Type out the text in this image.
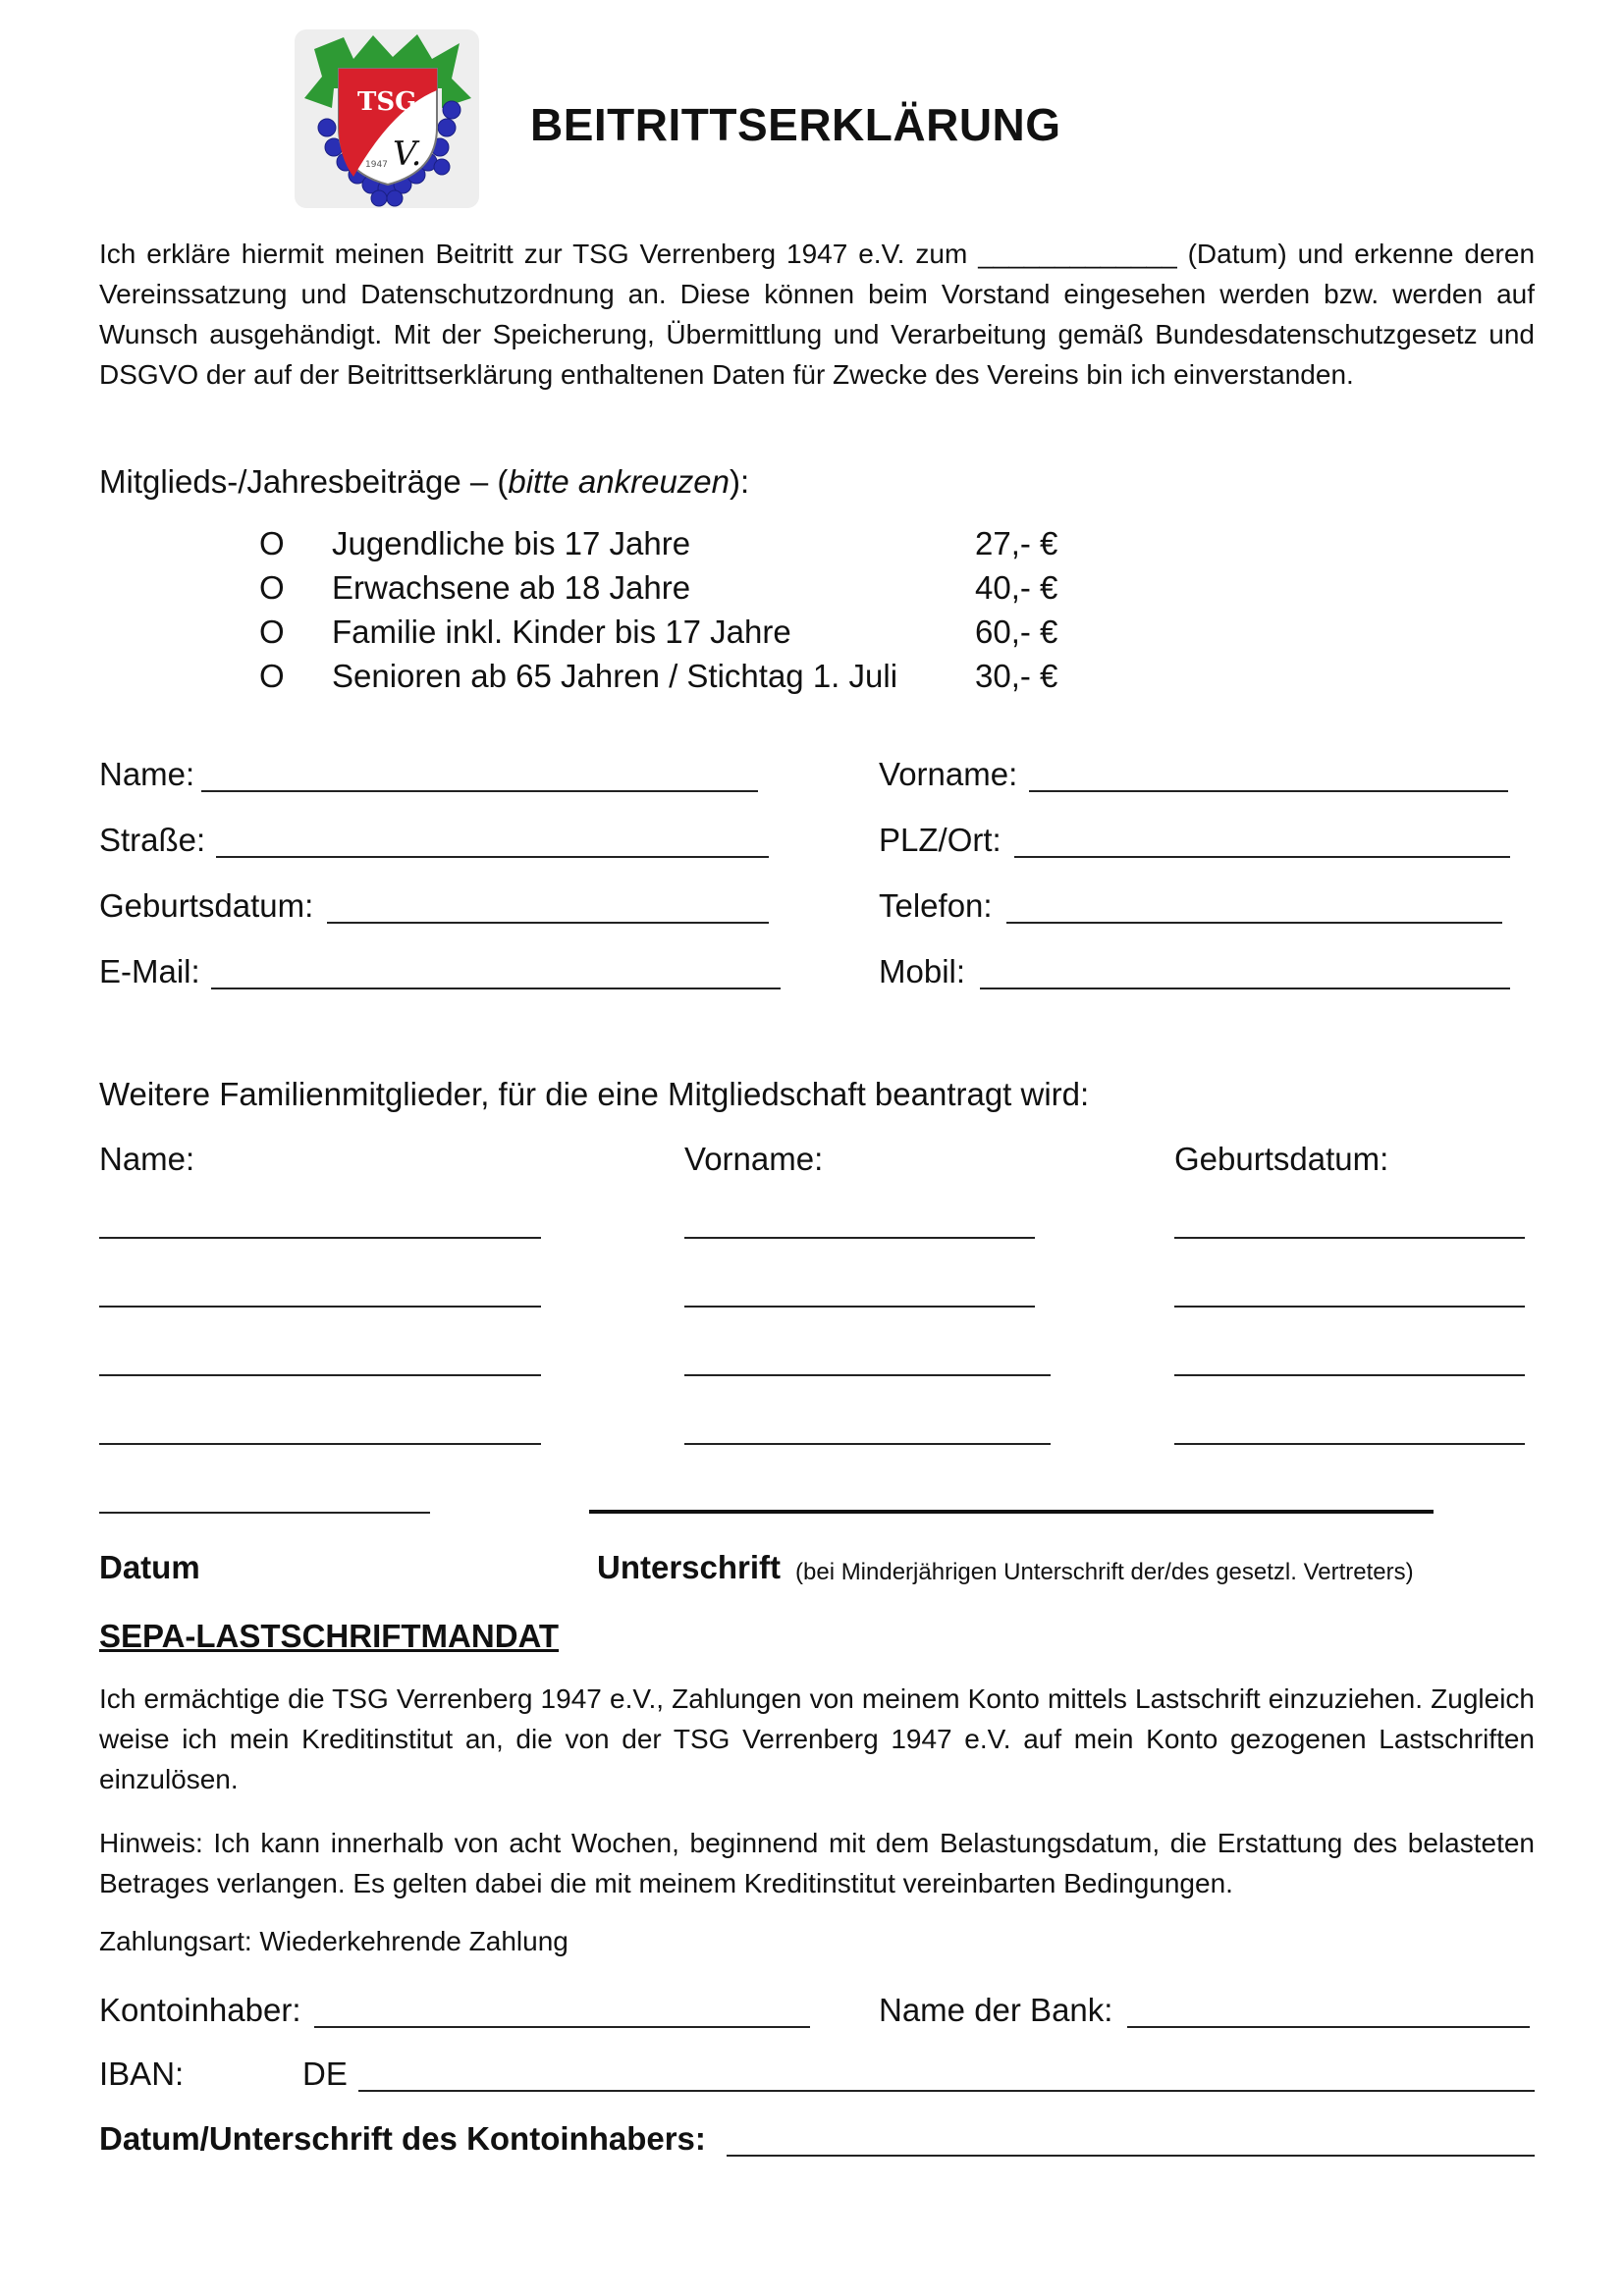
TSG
V.
1947
BEITRITTSERKLÄRUNG
Ich erkläre hiermit meinen Beitritt zur TSG Verrenberg 1947 e.V. zum _____________ (Datum) und erkenne deren Vereinssatzung und Datenschutzordnung an. Diese können beim Vorstand eingesehen werden bzw. werden auf Wunsch ausgehändigt. Mit der Speicherung, Übermittlung und Verarbeitung gemäß Bundesdatenschutzgesetz und DSGVO der auf der Beitrittserklärung enthaltenen Daten für Zwecke des Vereins bin ich einverstanden.
Mitglieds-/Jahresbeiträge – (bitte ankreuzen):
O Jugendliche bis 17 Jahre	27,- €
O Erwachsene ab 18 Jahre	40,- €
O Familie inkl. Kinder bis 17 Jahre	60,- €
O Senioren ab 65 Jahren / Stichtag 1. Juli 30,- €
Name:	Vorname:
Straße:	PLZ/Ort:
Geburtsdatum:	Telefon:
E-Mail:	Mobil:
Weitere Familienmitglieder, für die eine Mitgliedschaft beantragt wird:
Name:	Vorname:	Geburtsdatum:
Datum	Unterschrift (bei Minderjährigen Unterschrift der/des gesetzl. Vertreters)
SEPA-LASTSCHRIFTMANDAT
Ich ermächtige die TSG Verrenberg 1947 e.V., Zahlungen von meinem Konto mittels Lastschrift einzuziehen. Zugleich weise ich mein Kreditinstitut an, die von der TSG Verrenberg 1947 e.V. auf mein Konto gezogenen Lastschriften einzulösen.
Hinweis: Ich kann innerhalb von acht Wochen, beginnend mit dem Belastungsdatum, die Erstattung des belasteten Betrages verlangen. Es gelten dabei die mit meinem Kreditinstitut vereinbarten Bedingungen.
Zahlungsart: Wiederkehrende Zahlung
Kontoinhaber:	Name der Bank:
IBAN:	DE
Datum/Unterschrift des Kontoinhabers:
